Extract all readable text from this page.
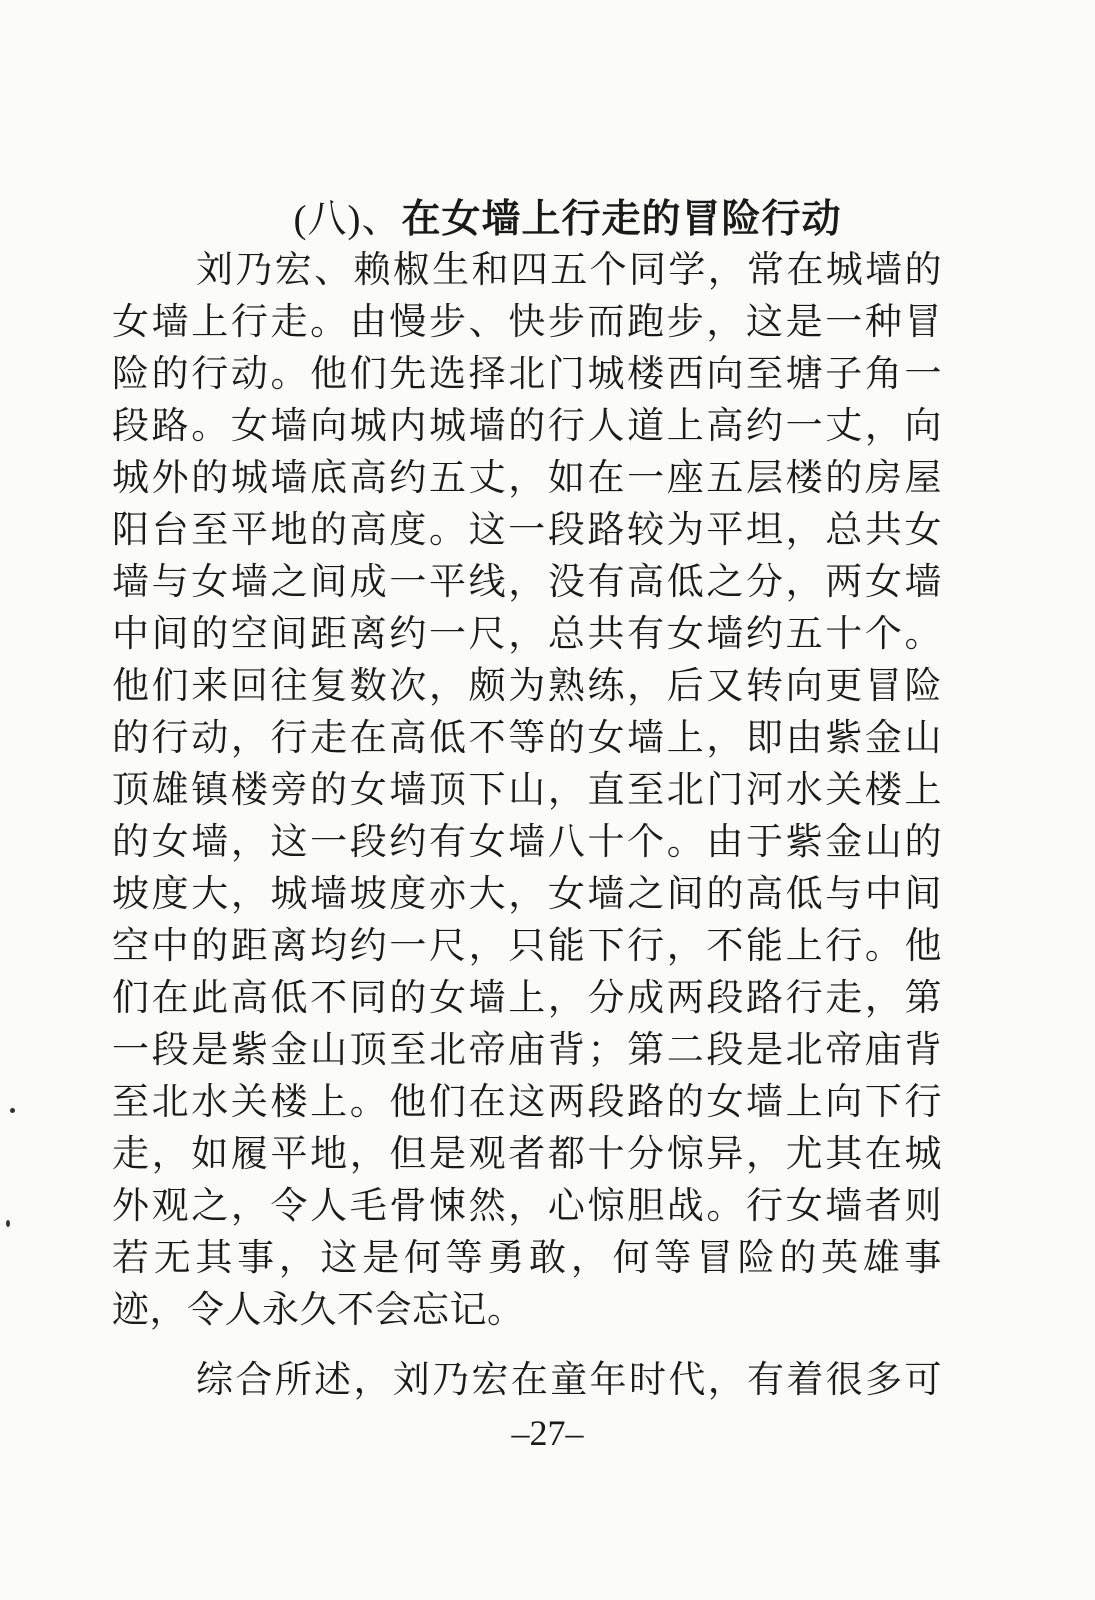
(八)、在女墙上行走的冒险行动
刘乃宏、赖椒生和四五个同学，常在城墙的
女墙上行走。由慢步、快步而跑步，这是一种冒
险的行动。他们先选择北门城楼西向至塘子角一
段路。女墙向城内城墙的行人道上高约一丈，向
城外的城墙底高约五丈，如在一座五层楼的房屋
阳台至平地的高度。这一段路较为平坦，总共女
墙与女墙之间成一平线，没有高低之分，两女墙
中间的空间距离约一尺，总共有女墙约五十个。
他们来回往复数次，颇为熟练，后又转向更冒险
的行动，行走在高低不等的女墙上，即由紫金山
顶雄镇楼旁的女墙顶下山，直至北门河水关楼上
的女墙，这一段约有女墙八十个。由于紫金山的
坡度大，城墙坡度亦大，女墙之间的高低与中间
空中的距离均约一尺，只能下行，不能上行。他
们在此高低不同的女墙上，分成两段路行走，第
一段是紫金山顶至北帝庙背；第二段是北帝庙背
至北水关楼上。他们在这两段路的女墙上向下行
走，如履平地，但是观者都十分惊异，尤其在城
外观之，令人毛骨悚然，心惊胆战。行女墙者则
若无其事，这是何等勇敢，何等冒险的英雄事
迹，令人永久不会忘记。
综合所述，刘乃宏在童年时代，有着很多可
–27–
